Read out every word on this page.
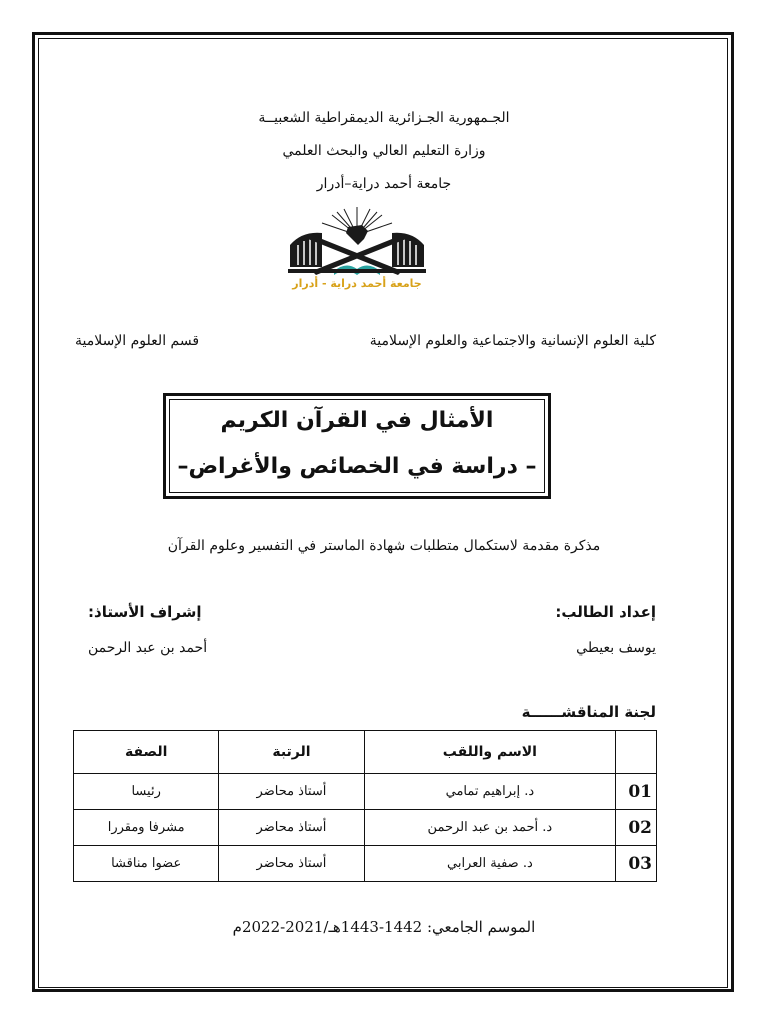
الجـمهورية الجـزائرية الديمقراطية الشعبيــة
وزارة التعليم العالي والبحث العلمي
جامعة أحمد دراية–أدرار
جامعة أحمد دراية - أدرار
كلية العلوم الإنسانية والاجتماعية والعلوم الإسلامية
قسم العلوم الإسلامية
الأمثال في القرآن الكريم
– دراسة في الخصائص والأغراض–
مذكرة مقدمة لاستكمال متطلبات شهادة الماستر في التفسير وعلوم القرآن
إعداد الطالب:
يوسف بعيطي
إشراف الأستاذ:
أحمد بن عبد الرحمن
لجنة المناقشــــــة
	الاسم واللقب	الرتبة	الصفة
01	د. إبراهيم تمامي	أستاذ محاضر	رئيسا
02	د. أحمد بن عبد الرحمن	أستاذ محاضر	مشرفا ومقررا
03	د. صفية العرابي	أستاذ محاضر	عضوا مناقشا
الموسم الجامعي: 1442-1443هـ/2021-2022م
